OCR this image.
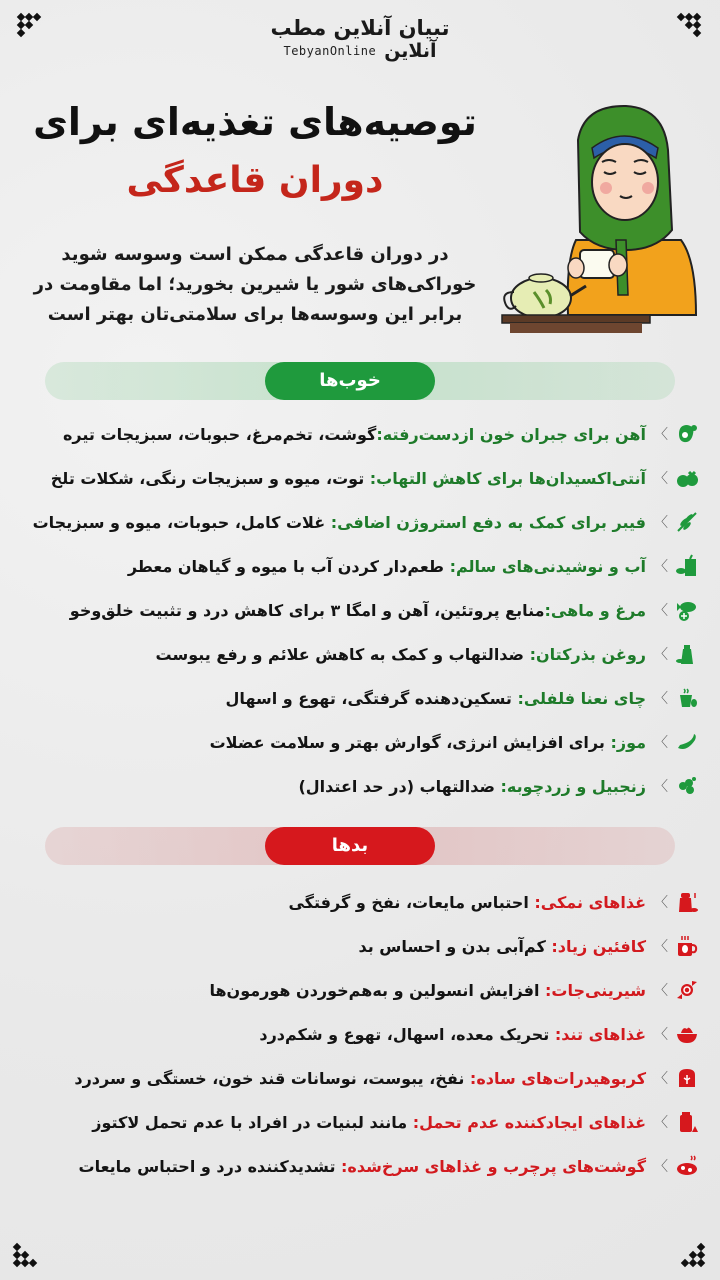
تبیان آنلاین مطب
TebyanOnline آنلاین
توصیه‌های تغذیه‌ای برای
دوران قاعدگی
در دوران قاعدگی ممکن است وسوسه شوید خوراکی‌های شور یا شیرین بخورید؛ اما مقاومت در برابر این وسوسه‌ها برای سلامتی‌تان بهتر است
خوب‌ها
〉
آهن برای جبران خون ازدست‌رفته:گوشت، تخم‌مرغ، حبوبات، سبزیجات تیره
〉
آنتی‌اکسیدان‌ها برای کاهش التهاب: توت، میوه و سبزیجات رنگی، شکلات تلخ
〉
فیبر برای کمک به دفع استروژن اضافی: غلات کامل، حبوبات، میوه و سبزیجات
〉
آب و نوشیدنی‌های سالم: طعم‌دار کردن آب با میوه و گیاهان معطر
〉
مرغ و ماهی:منابع پروتئین، آهن و امگا ۳ برای کاهش درد و تثبیت خلق‌وخو
〉
روغن بذرکتان: ضدالتهاب و کمک به کاهش علائم و رفع یبوست
〉
چای نعنا فلفلی: تسکین‌دهنده گرفتگی، تهوع و اسهال
〉
موز: برای افزایش انرژی، گوارش بهتر و سلامت عضلات
〉
زنجبیل و زردچوبه: ضدالتهاب (در حد اعتدال)
بدها
〉
غذاهای نمکی: احتباس مایعات، نفخ و گرفتگی
〉
کافئین زیاد: کم‌آبی بدن و احساس بد
〉
شیرینی‌جات: افزایش انسولین و به‌هم‌خوردن هورمون‌ها
〉
غذاهای تند: تحریک معده، اسهال، تهوع و شکم‌درد
〉
کربوهیدرات‌های ساده: نفخ، یبوست، نوسانات قند خون، خستگی و سردرد
〉
غذاهای ایجادکننده عدم تحمل: مانند لبنیات در افراد با عدم تحمل لاکتوز
〉
گوشت‌های پرچرب و غذاهای سرخ‌شده: تشدیدکننده درد و احتباس مایعات
